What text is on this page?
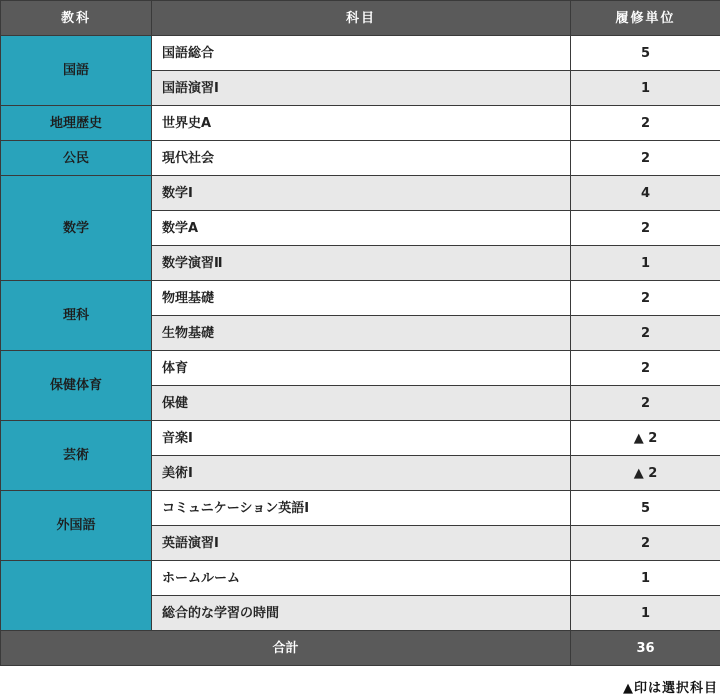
教科	科目	履修単位
国語	国語総合	5
	国語演習Ⅰ	1
地理歴史	世界史A	2
公民	現代社会	2
数学	数学Ⅰ	4
	数学A	2
	数学演習Ⅱ	1
理科	物理基礎	2
	生物基礎	2
保健体育	体育	2
	保健	2
芸術	音楽Ⅰ	▲ 2
	美術Ⅰ	▲ 2
外国語	コミュニケーション英語Ⅰ	5
	英語演習Ⅰ	2
	ホームルーム	1
	総合的な学習の時間	1
合計		36
▲印は選択科目
